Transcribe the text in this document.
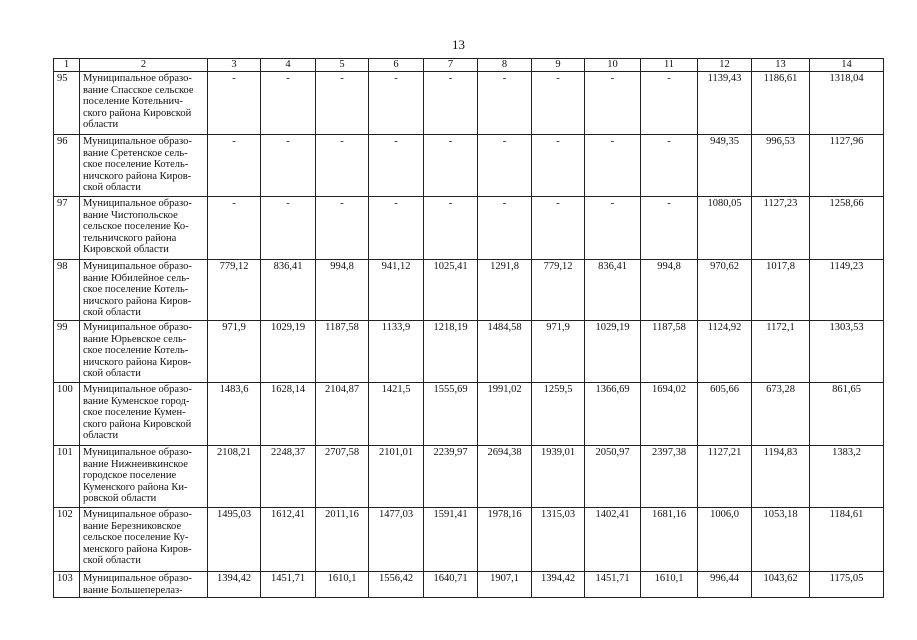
13
1	2	3	4	5	6	7	8	9	10	11	12	13	14
95	Муниципальное образо-
вание Спасское сельское
поселение Котельнич-
ского района Кировской
области	-	-	-	-	-	-	-	-	-	1139,43	1186,61	1318,04
96	Муниципальное образо-
вание Сретенское сель-
ское поселение Котель-
ничского района Киров-
ской области	-	-	-	-	-	-	-	-	-	949,35	996,53	1127,96
97	Муниципальное образо-
вание Чистопольское
сельское поселение Ко-
тельничского района
Кировской области	-	-	-	-	-	-	-	-	-	1080,05	1127,23	1258,66
98	Муниципальное образо-
вание Юбилейное сель-
ское поселение Котель-
ничского района Киров-
ской области	779,12	836,41	994,8	941,12	1025,41	1291,8	779,12	836,41	994,8	970,62	1017,8	1149,23
99	Муниципальное образо-
вание Юрьевское сель-
ское поселение Котель-
ничского района Киров-
ской области	971,9	1029,19	1187,58	1133,9	1218,19	1484,58	971,9	1029,19	1187,58	1124,92	1172,1	1303,53
100	Муниципальное образо-
вание Куменское город-
ское поселение Кумен-
ского района Кировской
области	1483,6	1628,14	2104,87	1421,5	1555,69	1991,02	1259,5	1366,69	1694,02	605,66	673,28	861,65
101	Муниципальное образо-
вание Нижнеивкинское
городское поселение
Куменского района Ки-
ровской области	2108,21	2248,37	2707,58	2101,01	2239,97	2694,38	1939,01	2050,97	2397,38	1127,21	1194,83	1383,2
102	Муниципальное образо-
вание Березниковское
сельское поселение Ку-
менского района Киров-
ской области	1495,03	1612,41	2011,16	1477,03	1591,41	1978,16	1315,03	1402,41	1681,16	1006,0	1053,18	1184,61
103	Муниципальное образо-
вание Большеперелаз-	1394,42	1451,71	1610,1	1556,42	1640,71	1907,1	1394,42	1451,71	1610,1	996,44	1043,62	1175,05
